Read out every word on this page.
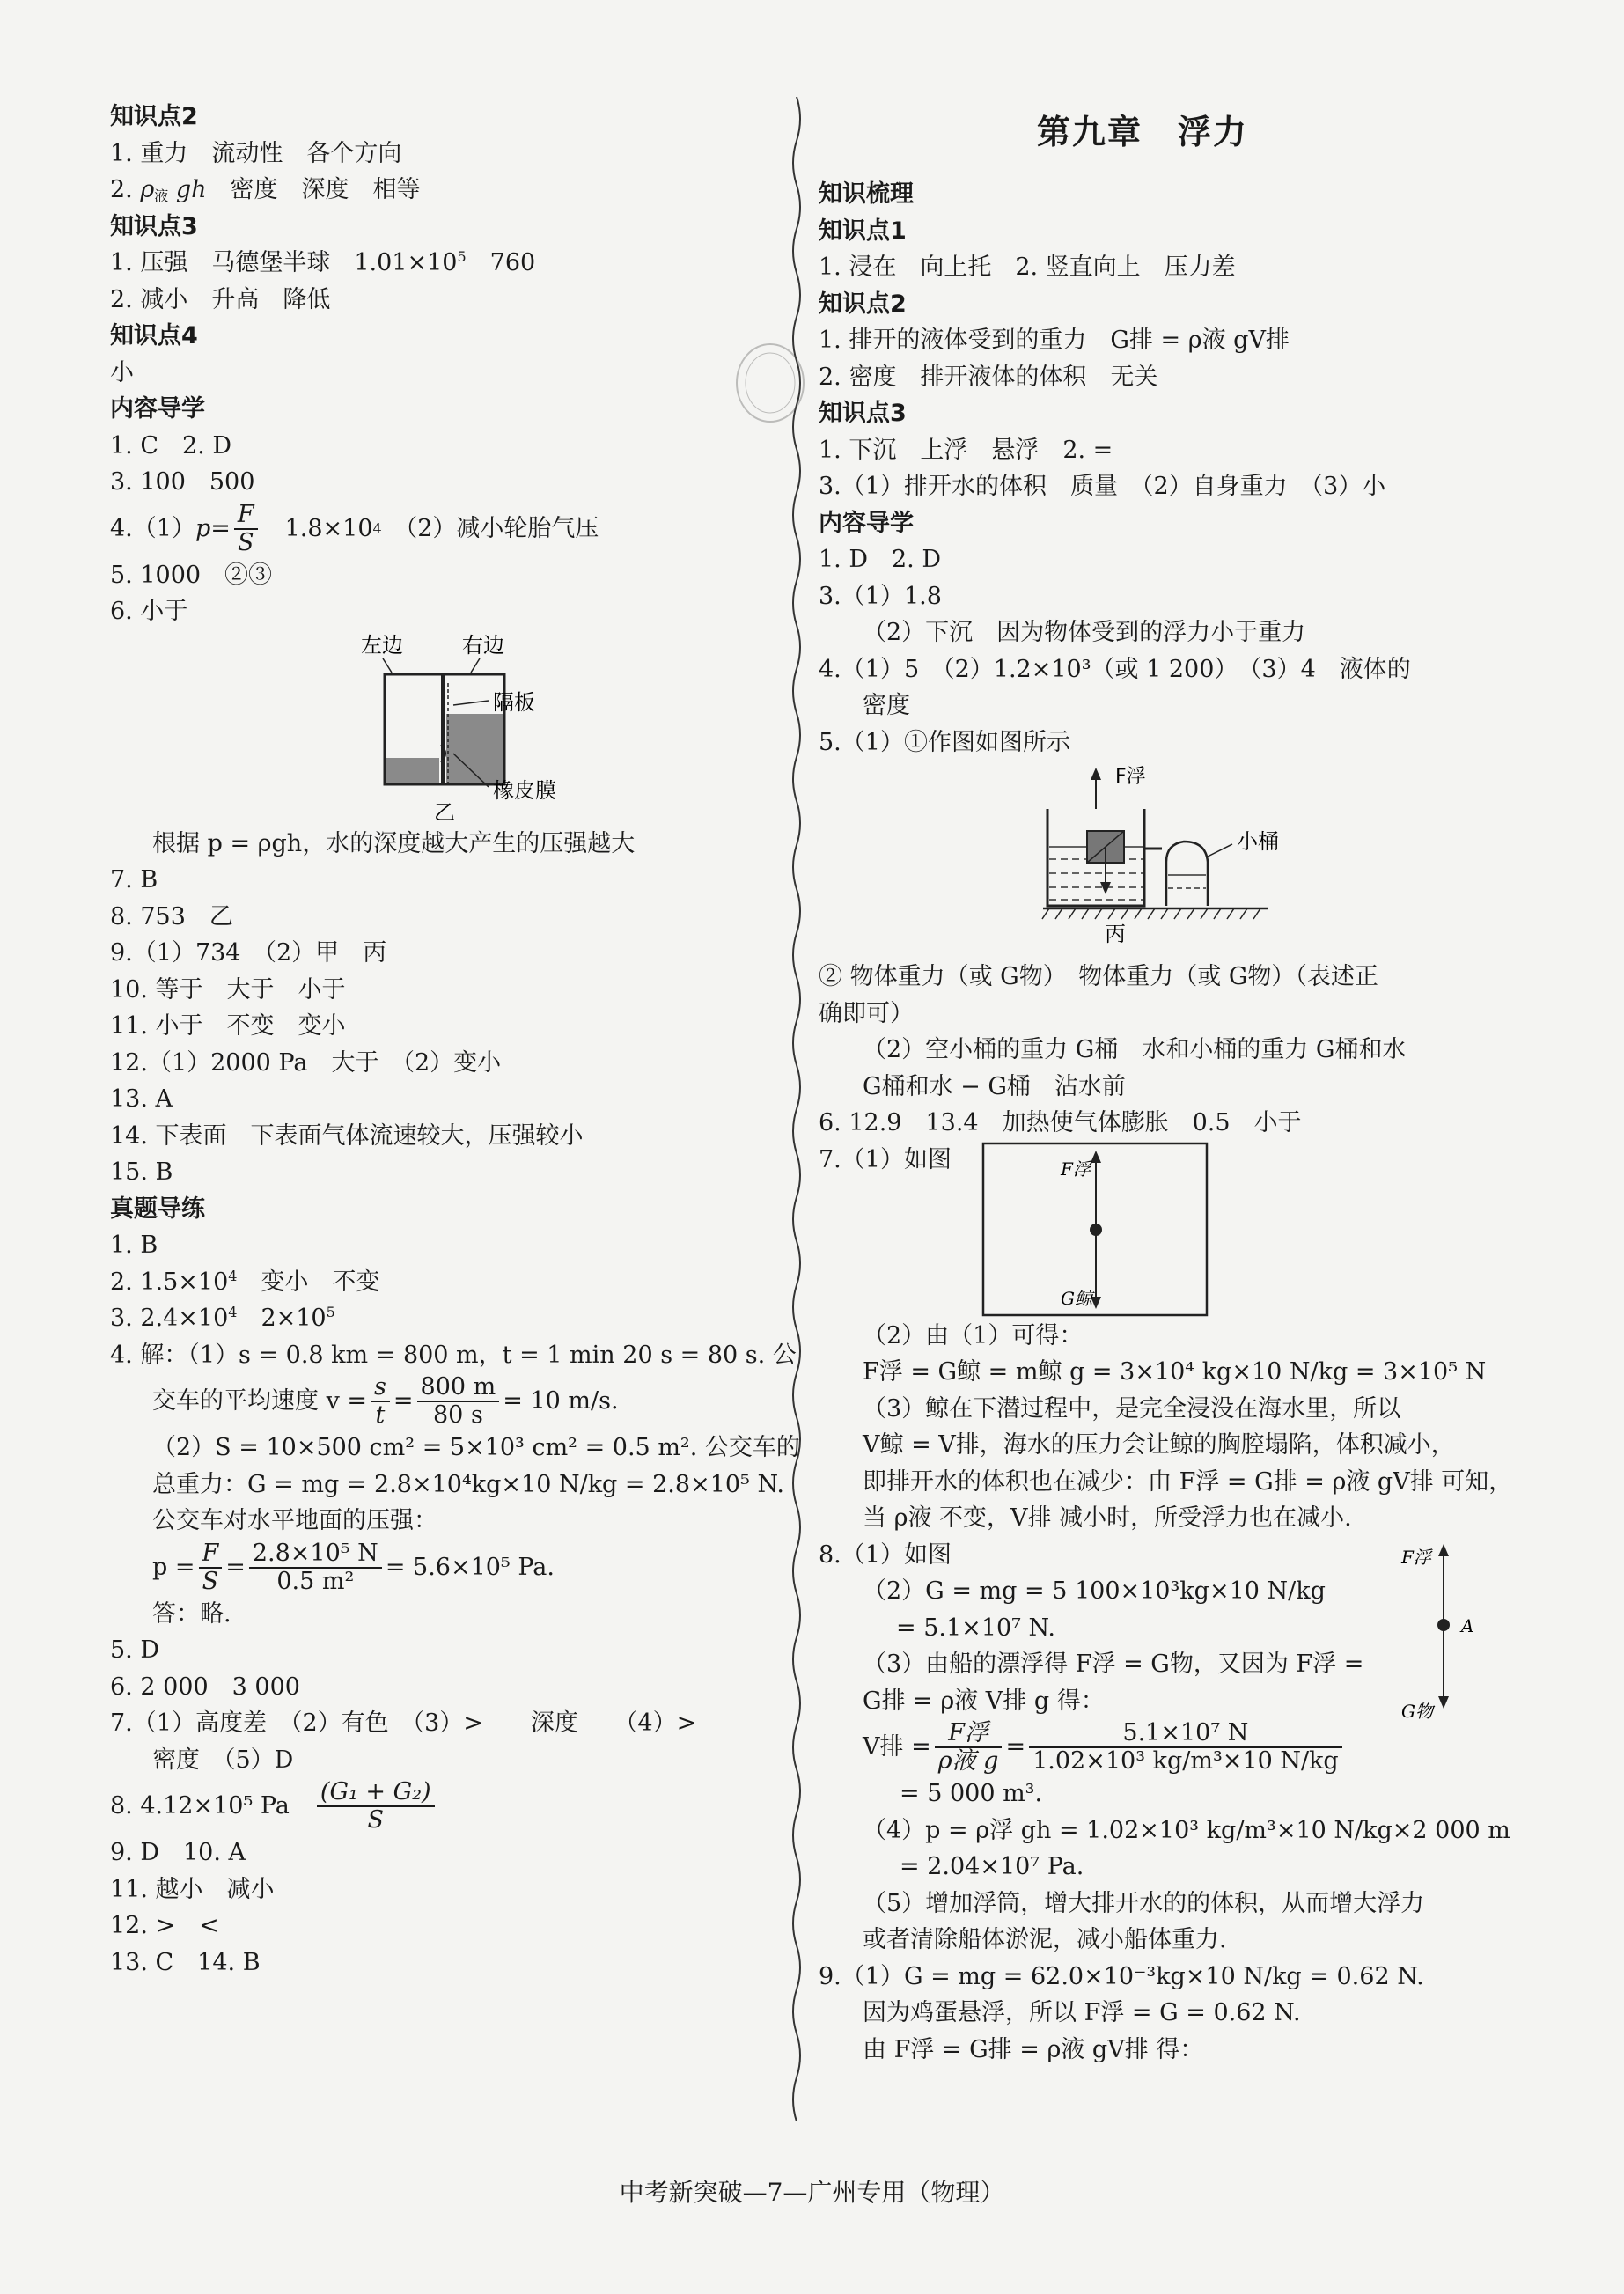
第九章　浮力
知识点2
1. 重力　流动性　各个方向
2. $\rho_液$ gh　密度　深度　相等
知识点3
1. 压强　马德堡半球　$1.01\times 10^5$　760
2. 减小　升高　降低
知识点4
小
内容导学
1. C　2. D
3. 100　500
4.（1） $p = \frac{F}{S}$ 　1.8×10 4 　（2）减小轮胎气压
5. 1000　②③
6. 小于
左边	右边
隔板
橡皮膜
乙
根据 p = ρgh，水的深度越大产生的压强越大
7. B
8. 753　乙
9.（1）734　（2）甲　丙
10. 等于　大于　小于
11. 小于　不变　变小
12.（1）2000 Pa　大于　（2）变小
13. A
14. 下表面　下表面气体流速较大，压强较小
15. B
真题导练
1. B
2. $1.5\times 10^4$　变小　不变
3. $2.4\times 10^4$　$2\times 10^5$
4. 解：（1）s = 0.8 km = 800 m，t = 1 min 20 s = 80 s. 公
交车的平均速度 $v = \frac{s}{t} = \frac{800 m}{80 s} = 10$ m/s.
（2）S = 10×500 cm² = 5×10³ cm² = 0.5 m². 公交车的
总重力：G = mg = 2.8×10⁴kg×10 N/kg = 2.8×10⁵ N.
公交车对水平地面的压强：
$p = \frac{F}{S} = \frac{\text{2.8×10⁵ N}}{\text{0.5 m²}} = 5.6\times 10^5$ Pa.
答：略.
5. D
6. 2 000　3 000
7.（1）高度差　（2）有色　（3）>　　深度　　（4）>
密度　（5）D
8. 4.12×10⁵ Pa　 $\frac{\text{(G₁ + G₂)}}{S}$
9. D　10. A
11. 越小　减小
12. >　<
13. C　14. B
知识梳理
知识点1
1. 浸在　向上托　2. 竖直向上　压力差
知识点2
1. 排开的液体受到的重力　G排 = ρ液 gV排
2. 密度　排开液体的体积　无关
知识点3
1. 下沉　上浮　悬浮　2. =
3.（1）排开水的体积　质量　（2）自身重力　（3）小
内容导学
1. D　2. D
3.（1）1.8
（2）下沉　因为物体受到的浮力小于重力
4.（1）5　（2）1.2×10³（或 1 200）　（3）4　液体的
密度
5.（1）①作图如图所示
F浮
小桶
丙
② 物体重力（或 G物）　物体重力（或 G物）（表述正
确即可）
（2）空小桶的重力 G桶　水和小桶的重力 G桶和水
G桶和水 − G桶　沾水前
6. 12.9　13.4　加热使气体膨胀　0.5　小于
7.（1）如图	F浮
G鲸
（2）由（1）可得：
F浮 = G鲸 = m鲸 g = 3×10⁴ kg×10 N/kg = 3×10⁵ N
（3）鲸在下潜过程中，是完全浸没在海水里，所以
V鲸 = V排，海水的压力会让鲸的胸腔塌陷，体积减小，
即排开水的体积也在减少：由 F浮 = G排 = ρ液 gV排 可知，
当 ρ液 不变，V排 减小时，所受浮力也在减小.
F浮
A
G物
8.（1）如图
（2）G = mg = 5 100×10³kg×10 N/kg
= 5.1×10⁷ N.
（3）由船的漂浮得 F浮 = G物，又因为 F浮 =
G排 = ρ液 V排 g 得：
V排 = $\frac{\text{F浮}}{\text{ρ液 g}} = \frac{\text{5.1×10⁷ N}}{\text{1.02×10³ kg/m³×10 N/kg}}$
= 5 000 m³.
（4）p = ρ浮 gh = 1.02×10³ kg/m³×10 N/kg×2 000 m
= 2.04×10⁷ Pa.
（5）增加浮筒，增大排开水的的体积，从而增大浮力
或者清除船体淤泥，减小船体重力.
9.（1）G = mg = 62.0×10⁻³kg×10 N/kg = 0.62 N.
因为鸡蛋悬浮，所以 F浮 = G = 0.62 N.
由 F浮 = G排 = ρ液 gV排 得：
中考新突破—7—广州专用（物理）
